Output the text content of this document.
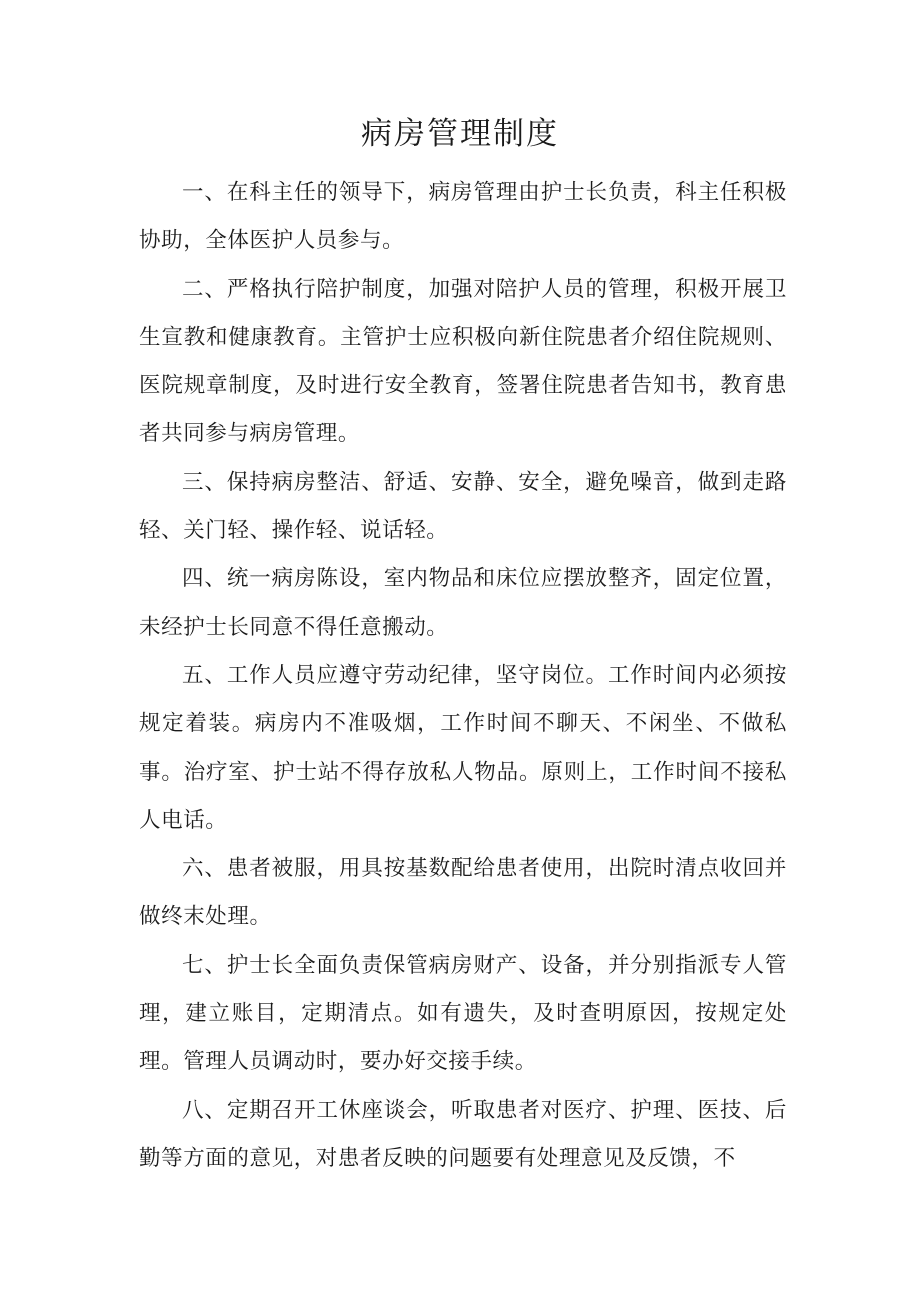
病房管理制度

一、在科主任的领导下，病房管理由护士长负责，科主任积极协助，全体医护人员参与。

二、严格执行陪护制度，加强对陪护人员的管理，积极开展卫生宣教和健康教育。主管护士应积极向新住院患者介绍住院规则、医院规章制度，及时进行安全教育，签署住院患者告知书，教育患者共同参与病房管理。

三、保持病房整洁、舒适、安静、安全，避免噪音，做到走路轻、关门轻、操作轻、说话轻。

四、统一病房陈设，室内物品和床位应摆放整齐，固定位置，未经护士长同意不得任意搬动。

五、工作人员应遵守劳动纪律，坚守岗位。工作时间内必须按规定着装。病房内不准吸烟，工作时间不聊天、不闲坐、不做私事。治疗室、护士站不得存放私人物品。原则上，工作时间不接私人电话。

六、患者被服，用具按基数配给患者使用，出院时清点收回并做终末处理。

七、护士长全面负责保管病房财产、设备，并分别指派专人管理，建立账目，定期清点。如有遗失，及时查明原因，按规定处理。管理人员调动时，要办好交接手续。

八、定期召开工休座谈会，听取患者对医疗、护理、医技、后勤等方面的意见，对患者反映的问题要有处理意见及反馈，不
